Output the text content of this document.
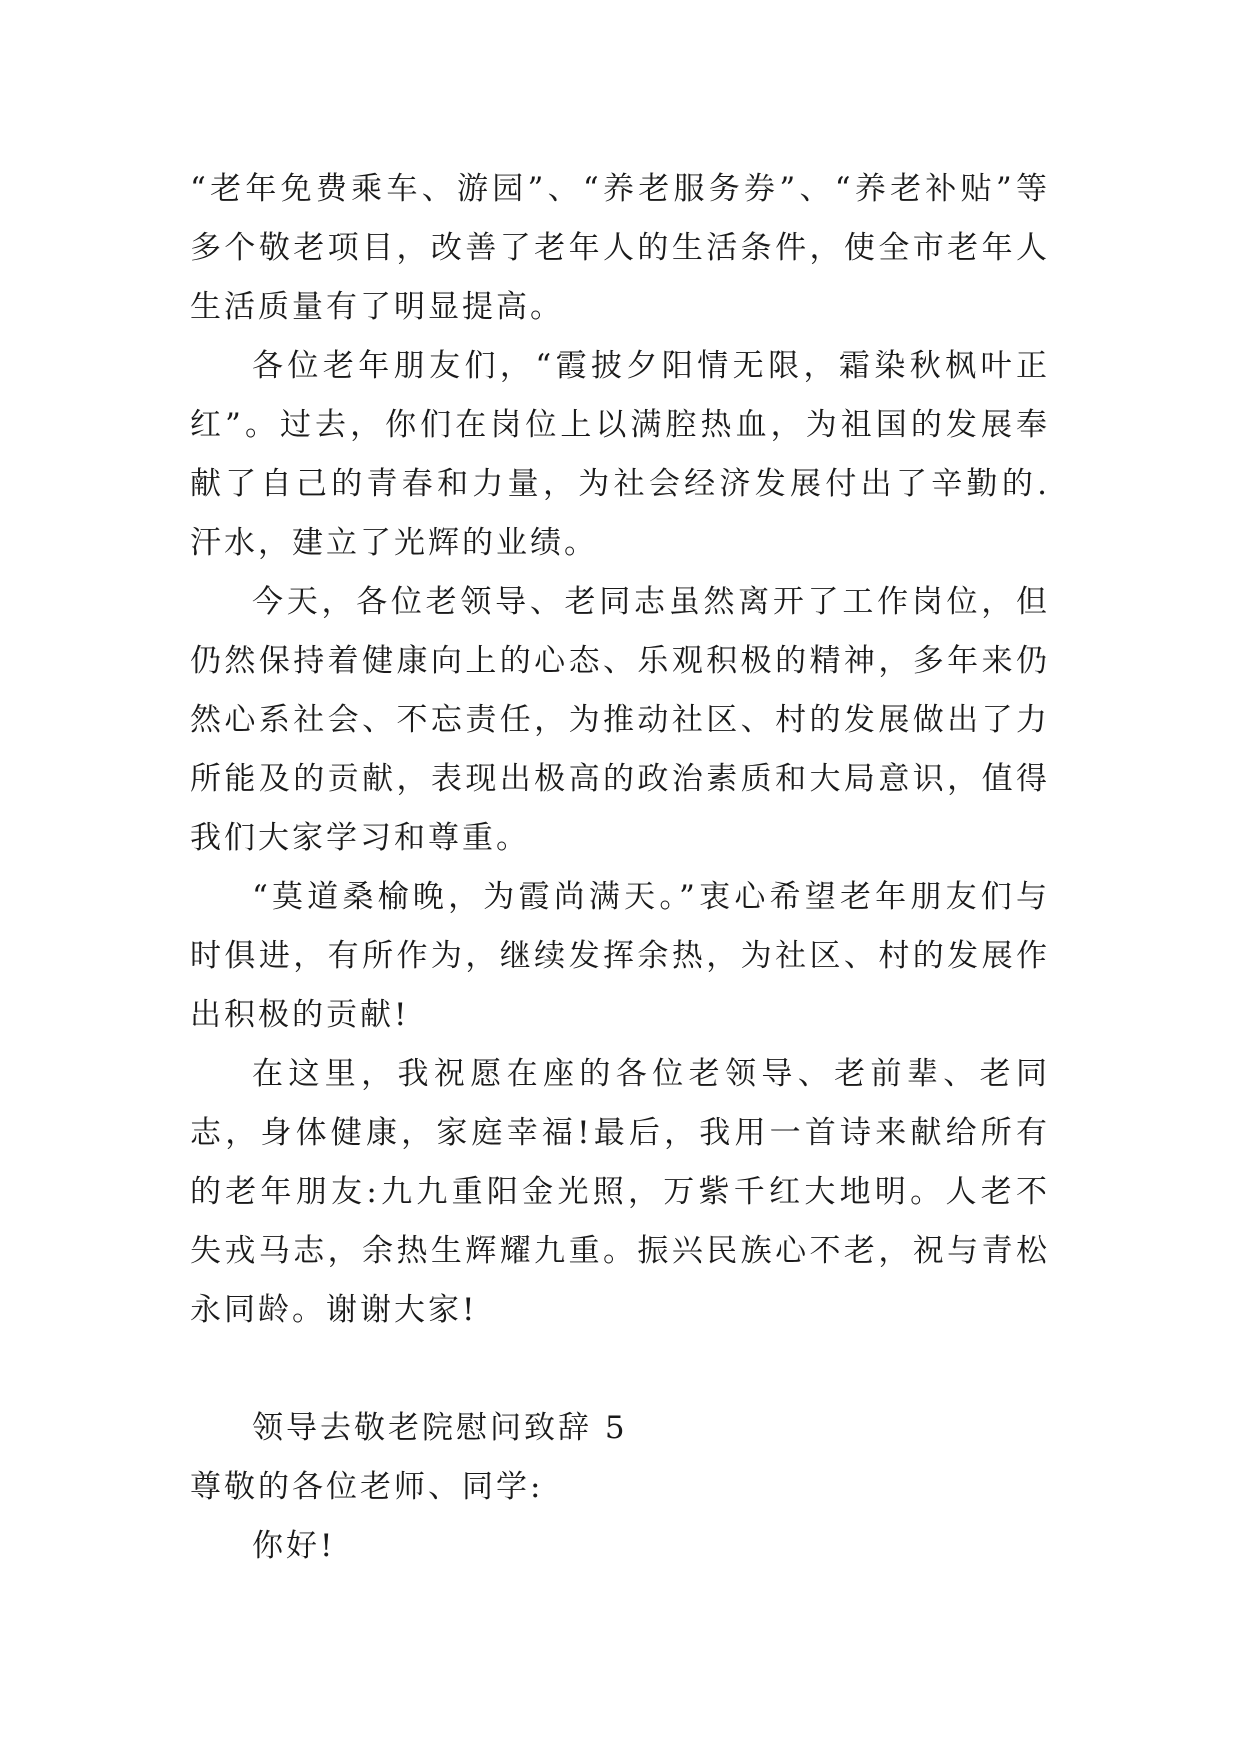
“老年免费乘车、游园”、“养老服务券”、“养老补贴”等多个敬老项目，改善了老年人的生活条件，使全市老年人生活质量有了明显提高。

各位老年朋友们，“霞披夕阳情无限，霜染秋枫叶正红”。过去，你们在岗位上以满腔热血，为祖国的发展奉献了自己的青春和力量，为社会经济发展付出了辛勤的.汗水，建立了光辉的业绩。

今天，各位老领导、老同志虽然离开了工作岗位，但仍然保持着健康向上的心态、乐观积极的精神，多年来仍然心系社会、不忘责任，为推动社区、村的发展做出了力所能及的贡献，表现出极高的政治素质和大局意识，值得我们大家学习和尊重。

“莫道桑榆晚，为霞尚满天。”衷心希望老年朋友们与时俱进，有所作为，继续发挥余热，为社区、村的发展作出积极的贡献!

在这里，我祝愿在座的各位老领导、老前辈、老同志，身体健康，家庭幸福!最后，我用一首诗来献给所有的老年朋友:九九重阳金光照，万紫千红大地明。人老不失戎马志，余热生辉耀九重。振兴民族心不老，祝与青松永同龄。谢谢大家!

领导去敬老院慰问致辞 5

尊敬的各位老师、同学:

你好!
